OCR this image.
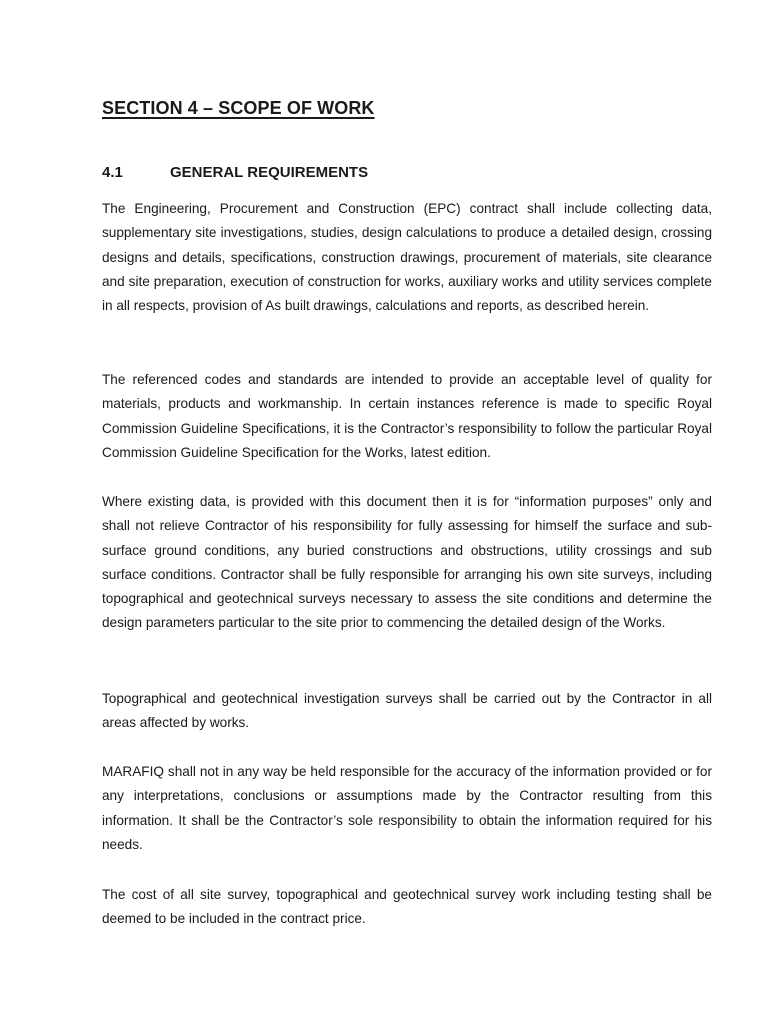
SECTION 4 – SCOPE OF WORK
4.1	GENERAL REQUIREMENTS

The Engineering, Procurement and Construction (EPC) contract shall include collecting data, supplementary site investigations, studies, design calculations to produce a detailed design, crossing designs and details, specifications, construction drawings, procurement of materials, site clearance and site preparation, execution of construction for works, auxiliary works and utility services complete in all respects, provision of As built drawings, calculations and reports, as described herein.

The referenced codes and standards are intended to provide an acceptable level of quality for materials, products and workmanship. In certain instances reference is made to specific Royal Commission Guideline Specifications, it is the Contractor’s responsibility to follow the particular Royal Commission Guideline Specification for the Works, latest edition.

Where existing data, is provided with this document then it is for “information purposes” only and shall not relieve Contractor of his responsibility for fully assessing for himself the surface and sub-surface ground conditions, any buried constructions and obstructions, utility crossings and sub surface conditions. Contractor shall be fully responsible for arranging his own site surveys, including topographical and geotechnical surveys necessary to assess the site conditions and determine the design parameters particular to the site prior to commencing the detailed design of the Works.

Topographical and geotechnical investigation surveys shall be carried out by the Contractor in all areas affected by works.

MARAFIQ shall not in any way be held responsible for the accuracy of the information provided or for any interpretations, conclusions or assumptions made by the Contractor resulting from this information. It shall be the Contractor’s sole responsibility to obtain the information required for his needs.

The cost of all site survey, topographical and geotechnical survey work including testing shall be deemed to be included in the contract price.
